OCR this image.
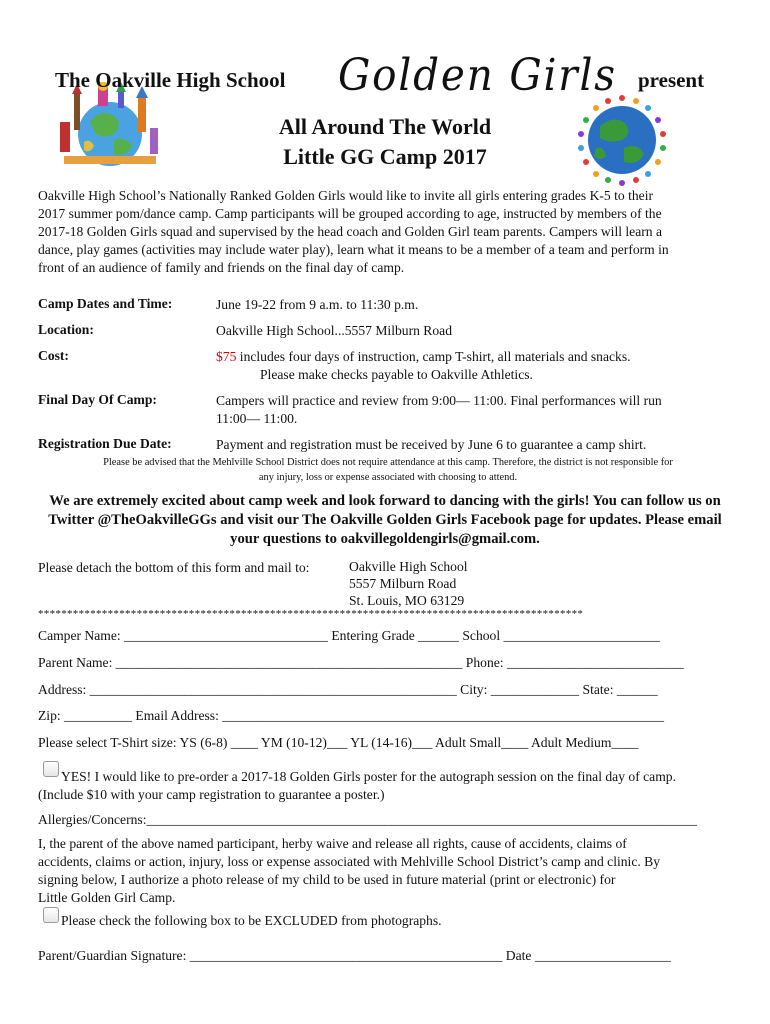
The Oakville High School Golden Girls present
All Around The World
Little GG Camp 2017
Oakville High School’s Nationally Ranked Golden Girls would like to invite all girls entering grades K-5 to their
2017 summer pom/dance camp. Camp participants will be grouped according to age, instructed by members of the
2017-18 Golden Girls squad and supervised by the head coach and Golden Girl team parents. Campers will learn a
dance, play games (activities may include water play), learn what it means to be a member of a team and perform in
front of an audience of family and friends on the final day of camp.
Camp Dates and Time:	June 19-22 from 9 a.m. to 11:30 p.m.
Location:	Oakville High School...5557 Milburn Road
Cost:	$75 includes four days of instruction, camp T-shirt, all materials and snacks.
Please make checks payable to Oakville Athletics.
Final Day Of Camp:	Campers will practice and review from 9:00— 11:00. Final performances will run
11:00— 11:00.
Registration Due Date:	Payment and registration must be received by June 6 to guarantee a camp shirt.
Please be advised that the Mehlville School District does not require attendance at this camp. Therefore, the district is not responsible for
any injury, loss or expense associated with choosing to attend.
We are extremely excited about camp week and look forward to dancing with the girls! You can follow us on
Twitter @TheOakvilleGGs and visit our The Oakville Golden Girls Facebook page for updates. Please email
your questions to oakvillegoldengirls@gmail.com.
Please detach the bottom of this form and mail to:	Oakville High School
5557 Milburn Road
St. Louis, MO 63129
**********************************************************************************************
Camper Name: ______________________________ Entering Grade ______ School _______________________
Parent Name: ___________________________________________________ Phone: __________________________
Address: ______________________________________________________ City: _____________ State: ______
Zip: __________ Email Address: _________________________________________________________________
Please select T-Shirt size: YS (6-8) ____ YM (10-12)___ YL (14-16)___ Adult Small____ Adult Medium____
YES! I would like to pre-order a 2017-18 Golden Girls poster for the autograph session on the final day of camp.
(Include $10 with your camp registration to guarantee a poster.)
Allergies/Concerns:_________________________________________________________________________________
I, the parent of the above named participant, herby waive and release all rights, cause of accidents, claims of
accidents, claims or action, injury, loss or expense associated with Mehlville School District’s camp and clinic. By
signing below, I authorize a photo release of my child to be used in future material (print or electronic) for
Little Golden Girl Camp.
Please check the following box to be EXCLUDED from photographs.
Parent/Guardian Signature: ______________________________________________ Date ____________________
